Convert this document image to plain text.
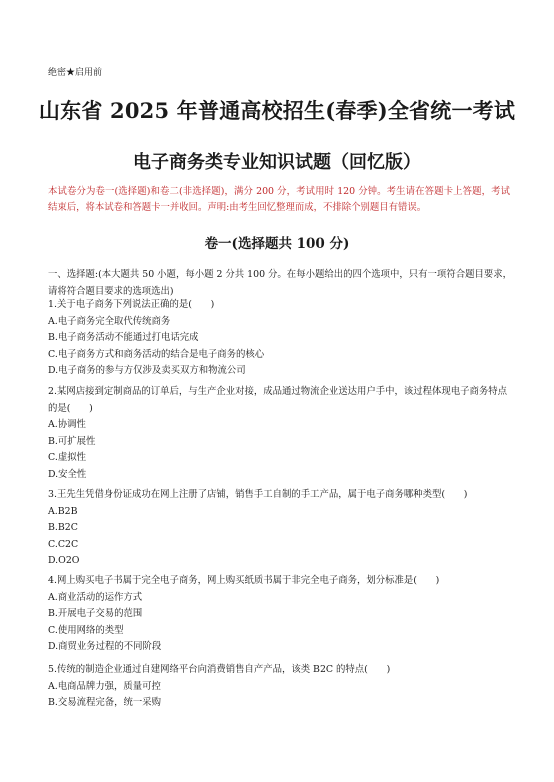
绝密★启用前
山东省 2025 年普通高校招生(春季)全省统一考试
电子商务类专业知识试题（回忆版）
本试卷分为卷一(选择题)和卷二(非选择题)，满分 200 分，考试用时 120 分钟。考生请在答题卡上答题，考试结束后，将本试卷和答题卡一并收回。声明:由考生回忆整理而成，不排除个别题目有错误。
卷一(选择题共 100 分)
一、选择题:(本大题共 50 小题，每小题 2 分共 100 分。在每小题给出的四个选项中，只有一项符合题目要求，请将符合题目要求的选项选出)
1.关于电子商务下列说法正确的是(　　)
A.电子商务完全取代传统商务
B.电子商务活动不能通过打电话完成
C.电子商务方式和商务活动的结合是电子商务的核心
D.电子商务的参与方仅涉及卖买双方和物流公司
2.某网店接到定制商品的订单后，与生产企业对接，成品通过物流企业送达用户手中，该过程体现电子商务特点的是(　　)
A.协调性
B.可扩展性
C.虚拟性
D.安全性
3.王先生凭借身份证成功在网上注册了店铺，销售手工自制的手工产品，属于电子商务哪种类型(　　)
A.B2B
B.B2C
C.C2C
D.O2O
4.网上购买电子书属于完全电子商务，网上购买纸质书属于非完全电子商务，划分标准是(　　)
A.商业活动的运作方式
B.开展电子交易的范围
C.使用网络的类型
D.商贸业务过程的不同阶段
5.传统的制造企业通过自建网络平台向消费销售自产产品，该类 B2C 的特点(　　)
A.电商品牌力强，质量可控
B.交易流程完备，统一采购
